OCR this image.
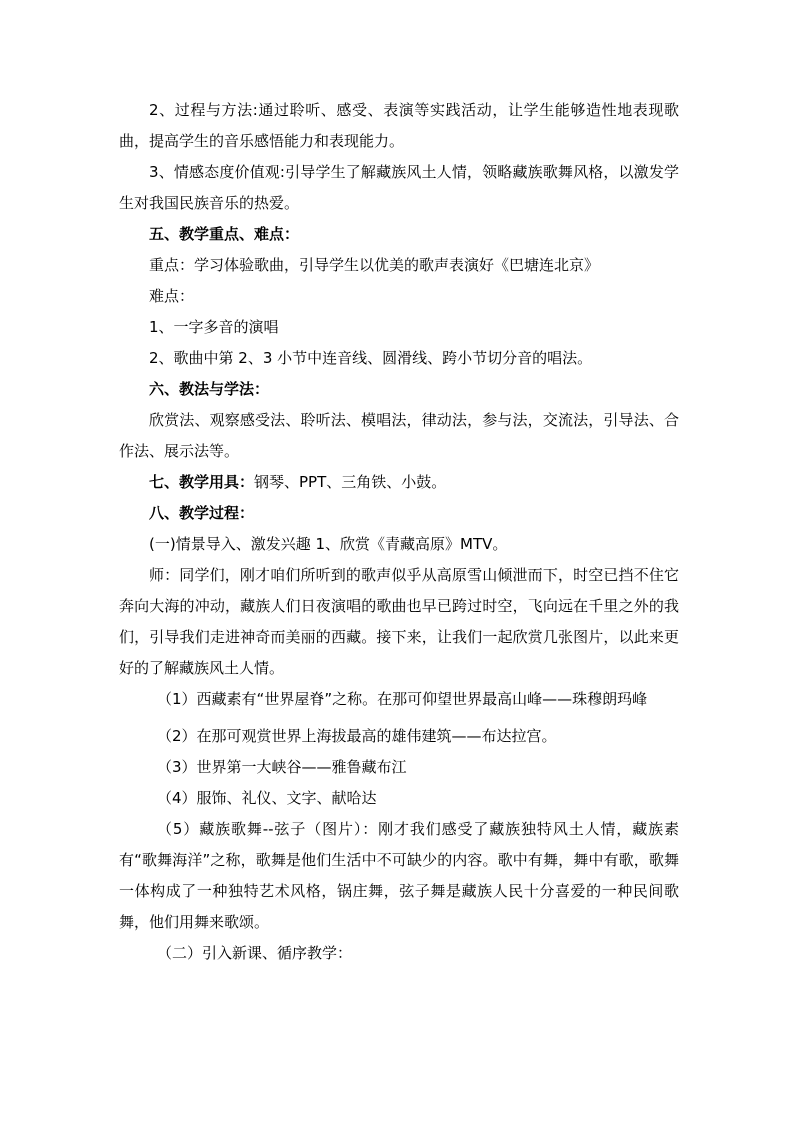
2、过程与方法:通过聆听、感受、表演等实践活动，让学生能够造性地表现歌曲，提高学生的音乐感悟能力和表现能力。

3、情感态度价值观:引导学生了解藏族风土人情，领略藏族歌舞风格，以激发学生对我国民族音乐的热爱。

五、教学重点、难点：

重点：学习体验歌曲，引导学生以优美的歌声表演好《巴塘连北京》

难点：

1、一字多音的演唱

2、歌曲中第 2、3 小节中连音线、圆滑线、跨小节切分音的唱法。

六、教法与学法：

欣赏法、观察感受法、聆听法、模唱法，律动法，参与法，交流法，引导法、合作法、展示法等。

七、教学用具：钢琴、PPT、三角铁、小鼓。

八、教学过程：

(一)情景导入、激发兴趣 1、欣赏《青藏高原》MTV。

师：同学们，刚才咱们所听到的歌声似乎从高原雪山倾泄而下，时空已挡不住它奔向大海的冲动，藏族人们日夜演唱的歌曲也早已跨过时空，飞向远在千里之外的我们，引导我们走进神奇而美丽的西藏。接下来，让我们一起欣赏几张图片，以此来更好的了解藏族风土人情。

（1）西藏素有“世界屋脊”之称。在那可仰望世界最高山峰——珠穆朗玛峰

（2）在那可观赏世界上海拔最高的雄伟建筑——布达拉宫。

（3）世界第一大峡谷——雅鲁藏布江

（4）服饰、礼仪、文字、献哈达

（5）藏族歌舞--弦子（图片）：刚才我们感受了藏族独特风土人情，藏族素有“歌舞海洋”之称，歌舞是他们生活中不可缺少的内容。歌中有舞，舞中有歌，歌舞一体构成了一种独特艺术风格，锅庄舞，弦子舞是藏族人民十分喜爱的一种民间歌舞，他们用舞来歌颂。

（二）引入新课、循序教学：
